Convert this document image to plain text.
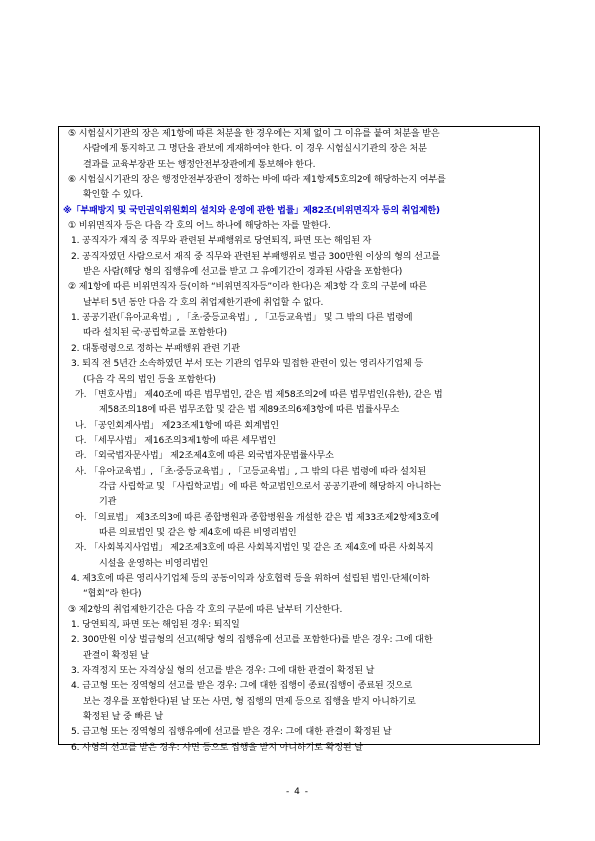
⑤ 시험실시기관의 장은 제1항에 따른 처분을 한 경우에는 지체 없이 그 이유를 붙여 처분을 받은
사람에게 통지하고 그 명단을 관보에 게재하여야 한다. 이 경우 시험실시기관의 장은 처분
결과를 교육부장관 또는 행정안전부장관에게 통보해야 한다.
⑥ 시험실시기관의 장은 행정안전부장관이 정하는 바에 따라 제1항제5호의2에 해당하는지 여부를
확인할 수 있다.
※「부패방지 및 국민권익위원회의 설치와 운영에 관한 법률」제82조(비위면직자 등의 취업제한)
① 비위면직자 등은 다음 각 호의 어느 하나에 해당하는 자를 말한다.
1. 공직자가 재직 중 직무와 관련된 부패행위로 당연퇴직, 파면 또는 해임된 자
2. 공직자였던 사람으로서 재직 중 직무와 관련된 부패행위로 벌금 300만원 이상의 형의 선고를
받은 사람(해당 형의 집행유예 선고를 받고 그 유예기간이 경과된 사람을 포함한다)
② 제1항에 따른 비위면직자 등(이하 “비위면직자등”이라 한다)은 제3항 각 호의 구분에 따른
날부터 5년 동안 다음 각 호의 취업제한기관에 취업할 수 없다.
1. 공공기관(「유아교육법」, 「초·중등교육법」, 「고등교육법」 및 그 밖의 다른 법령에
따라 설치된 국·공립학교를 포함한다)
2. 대통령령으로 정하는 부패행위 관련 기관
3. 퇴직 전 5년간 소속하였던 부서 또는 기관의 업무와 밀접한 관련이 있는 영리사기업체 등
(다음 각 목의 법인 등을 포함한다)
가. 「변호사법」 제40조에 따른 법무법인, 같은 법 제58조의2에 따른 법무법인(유한), 같은 법
제58조의18에 따른 법무조합 및 같은 법 제89조의6제3항에 따른 법률사무소
나. 「공인회계사법」 제23조제1항에 따른 회계법인
다. 「세무사법」 제16조의3제1항에 따른 세무법인
라. 「외국법자문사법」 제2조제4호에 따른 외국법자문법률사무소
사. 「유아교육법」, 「초·중등교육법」, 「고등교육법」, 그 밖의 다른 법령에 따라 설치된
각급 사립학교 및 「사립학교법」에 따른 학교법인으로서 공공기관에 해당하지 아니하는
기관
아. 「의료법」 제3조의3에 따른 종합병원과 종합병원을 개설한 같은 법 제33조제2항제3호에
따른 의료법인 및 같은 항 제4호에 따른 비영리법인
자. 「사회복지사업법」 제2조제3호에 따른 사회복지법인 및 같은 조 제4호에 따른 사회복지
시설을 운영하는 비영리법인
4. 제3호에 따른 영리사기업체 등의 공동이익과 상호협력 등을 위하여 설립된 법인·단체(이하
“협회”라 한다)
③ 제2항의 취업제한기간은 다음 각 호의 구분에 따른 날부터 기산한다.
1. 당연퇴직, 파면 또는 해임된 경우: 퇴직일
2. 300만원 이상 벌금형의 선고(해당 형의 집행유예 선고를 포함한다)를 받은 경우: 그에 대한
관결이 확정된 날
3. 자격정지 또는 자격상실 형의 선고를 받은 경우: 그에 대한 관결이 확정된 날
4. 금고형 또는 징역형의 선고를 받은 경우: 그에 대한 집행이 종료(집행이 종료된 것으로
보는 경우를 포함한다)된 날 또는 사면, 형 집행의 면제 등으로 집행을 받지 아니하기로
확정된 날 중 빠른 날
5. 금고형 또는 징역형의 집행유예에 선고를 받은 경우: 그에 대한 관결이 확정된 날
6. 사형의 선고를 받은 경우: 사면 등으로 집행을 받지 아니하기로 확정된 날
- 4 -
